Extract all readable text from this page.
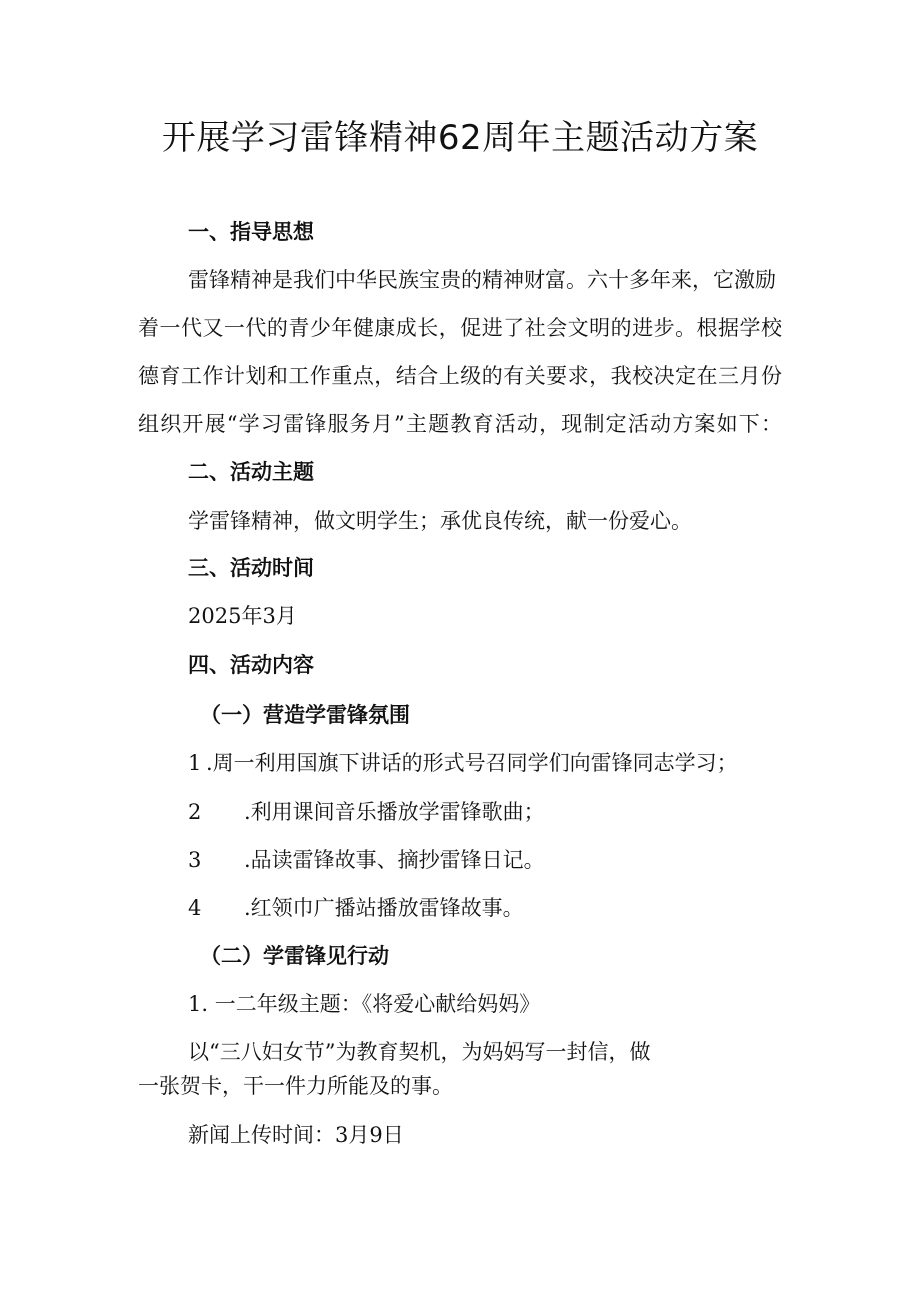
开展学习雷锋精神62周年主题活动方案
一、指导思想

雷锋精神是我们中华民族宝贵的精神财富。六十多年来，它激励

着一代又一代的青少年健康成长，促进了社会文明的进步。根据学校

德育工作计划和工作重点，结合上级的有关要求，我校决定在三月份

组织开展“学习雷锋服务月”主题教育活动，现制定活动方案如下：

二、活动主题

学雷锋精神，做文明学生；承优良传统，献一份爱心。

三、活动时间

2025年3月

四、活动内容
（一）营造学雷锋氛围

1 .周一利用国旗下讲话的形式号召同学们向雷锋同志学习；

2 .利用课间音乐播放学雷锋歌曲；

3 .品读雷锋故事、摘抄雷锋日记。

4 .红领巾广播站播放雷锋故事。

（二）学雷锋见行动

1. 一二年级主题：《将爱心献给妈妈》

以“三八妇女节”为教育契机，为妈妈写一封信，做

一张贺卡，干一件力所能及的事。

新闻上传时间：3月9日
